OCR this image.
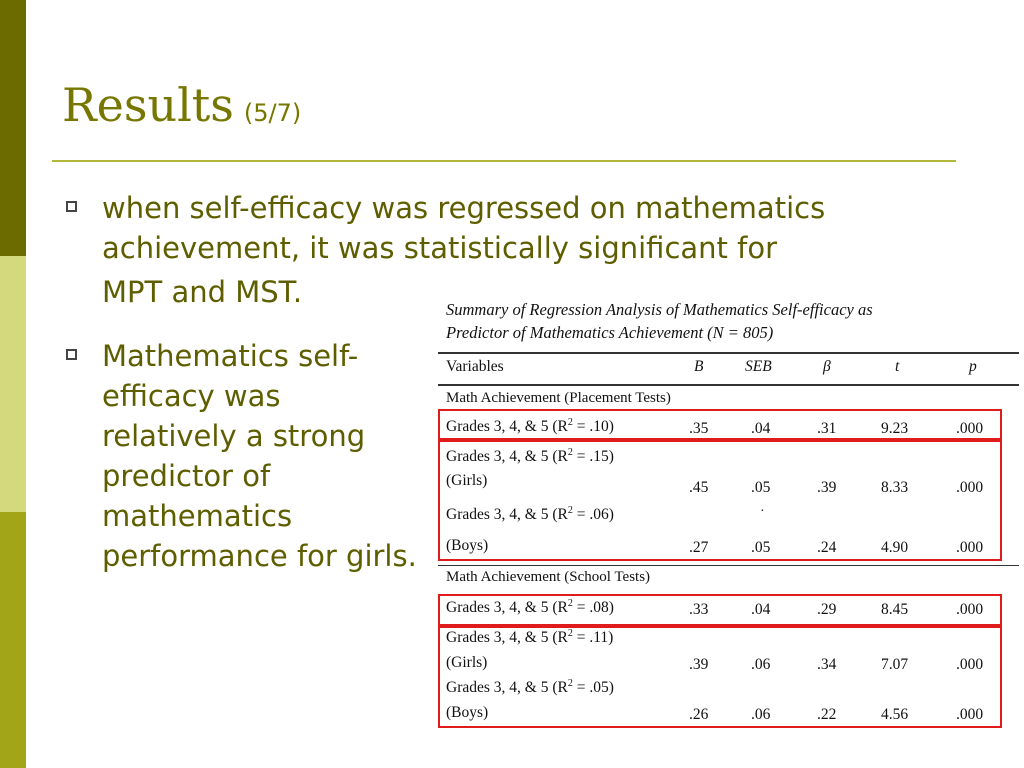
Results (5/7)
when self-efficacy was regressed on mathematics
achievement, it was statistically significant for
MPT and MST.
Mathematics self-efficacy was relatively a strong predictor of mathematics performance for girls.
Summary of Regression Analysis of Mathematics Self-efficacy as
Predictor of Mathematics Achievement (N = 805)
Variables	B	SEB	β	t	p
Math Achievement (Placement Tests)
Grades 3, 4, & 5 $(R^2 = .10)$	.35	.04	.31	9.23	.000
Grades 3, 4, & 5 $(R^2 = .15)$
(Girls)	.45	.05	.39	8.33	.000
·
Grades 3, 4, & 5 $(R^2 = .06)$
(Boys)	.27	.05	.24	4.90	.000
Math Achievement (School Tests)
Grades 3, 4, & 5 $(R^2 = .08)$	.33	.04	.29	8.45	.000
Grades 3, 4, & 5 $(R^2 = .11)$
(Girls)	.39	.06	.34	7.07	.000
Grades 3, 4, & 5 $(R^2 = .05)$
(Boys)	.26	.06	.22	4.56	.000
